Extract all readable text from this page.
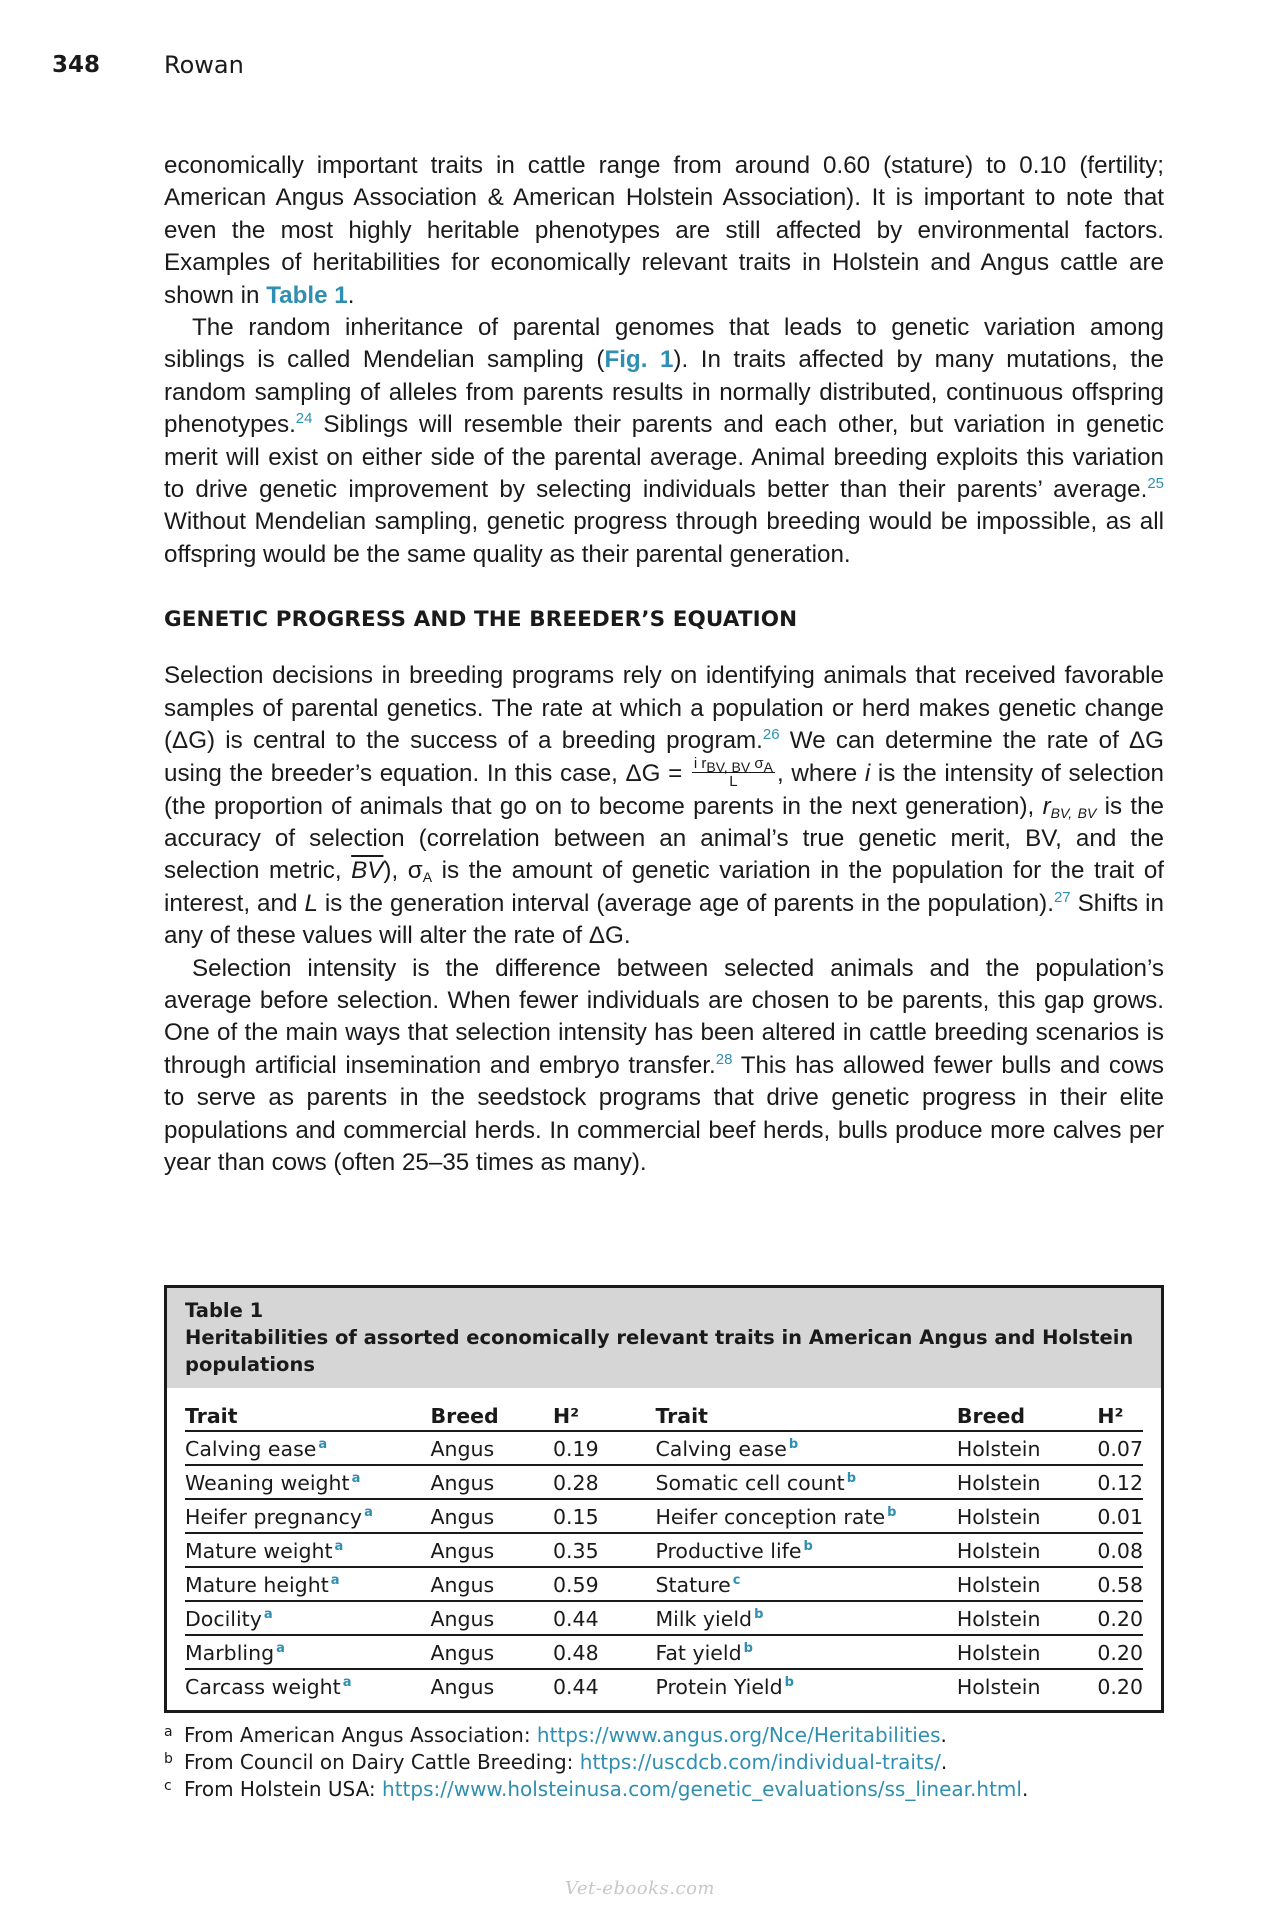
348	Rowan

economically important traits in cattle range from around 0.60 (stature) to 0.10 (fertility; American Angus Association & American Holstein Association). It is important to note that even the most highly heritable phenotypes are still affected by environmental factors. Examples of heritabilities for economically relevant traits in Holstein and Angus cattle are shown in Table 1.

The random inheritance of parental genomes that leads to genetic variation among siblings is called Mendelian sampling (Fig. 1). In traits affected by many mutations, the random sampling of alleles from parents results in normally distributed, continuous offspring phenotypes.$^{24}$ Siblings will resemble their parents and each other, but variation in genetic merit will exist on either side of the parental average. Animal breeding exploits this variation to drive genetic improvement by selecting individuals better than their parents’ average.$^{25}$ Without Mendelian sampling, genetic progress through breeding would be impossible, as all offspring would be the same quality as their parental generation.

GENETIC PROGRESS AND THE BREEDER’S EQUATION

Selection decisions in breeding programs rely on identifying animals that received favorable samples of parental genetics. The rate at which a population or herd makes genetic change (ΔG) is central to the success of a breeding program.$^{26}$ We can determine the rate of ΔG using the breeder’s equation. In this case, $\Delta G = \frac{\text{i rBV, BV σA}}{L}$ , where i is the intensity of selection (the proportion of animals that go on to become parents in the next generation), $r_{BV, BV}$ is the accuracy of selection (correlation between an animal’s true genetic merit, BV, and the selection metric, $\overline{BV}$), $\sigma_A$ is the amount of genetic variation in the population for the trait of interest, and L is the generation interval (average age of parents in the population).$^{27}$ Shifts in any of these values will alter the rate of ΔG.

Selection intensity is the difference between selected animals and the population’s average before selection. When fewer individuals are chosen to be parents, this gap grows. One of the main ways that selection intensity has been altered in cattle breeding scenarios is through artificial insemination and embryo transfer.$^{28}$ This has allowed fewer bulls and cows to serve as parents in the seedstock programs that drive genetic progress in their elite populations and commercial herds. In commercial beef herds, bulls produce more calves per year than cows (often 25–35 times as many).

Table 1
Heritabilities of assorted economically relevant traits in American Angus and Holstein populations
Trait	Breed	H²	Trait	Breed	H²
Calving ease $^a$	Angus	0.19	Calving ease $^b$	Holstein	0.07
Weaning weight $^a$	Angus	0.28	Somatic cell count $^b$	Holstein	0.12
Heifer pregnancy $^a$	Angus	0.15	Heifer conception rate $^b$	Holstein	0.01
Mature weight $^a$	Angus	0.35	Productive life $^b$	Holstein	0.08
Mature height $^a$	Angus	0.59	Stature $^c$	Holstein	0.58
Docility $^a$	Angus	0.44	Milk yield $^b$	Holstein	0.20
Marbling $^a$	Angus	0.48	Fat yield $^b$	Holstein	0.20
Carcass weight $^a$	Angus	0.44	Protein Yield $^b$	Holstein	0.20
a From American Angus Association: https://www.angus.org/Nce/Heritabilities.
b From Council on Dairy Cattle Breeding: https://uscdcb.com/individual-traits/.
c From Holstein USA: https://www.holsteinusa.com/genetic_evaluations/ss_linear.html.
Vet-ebooks.com
